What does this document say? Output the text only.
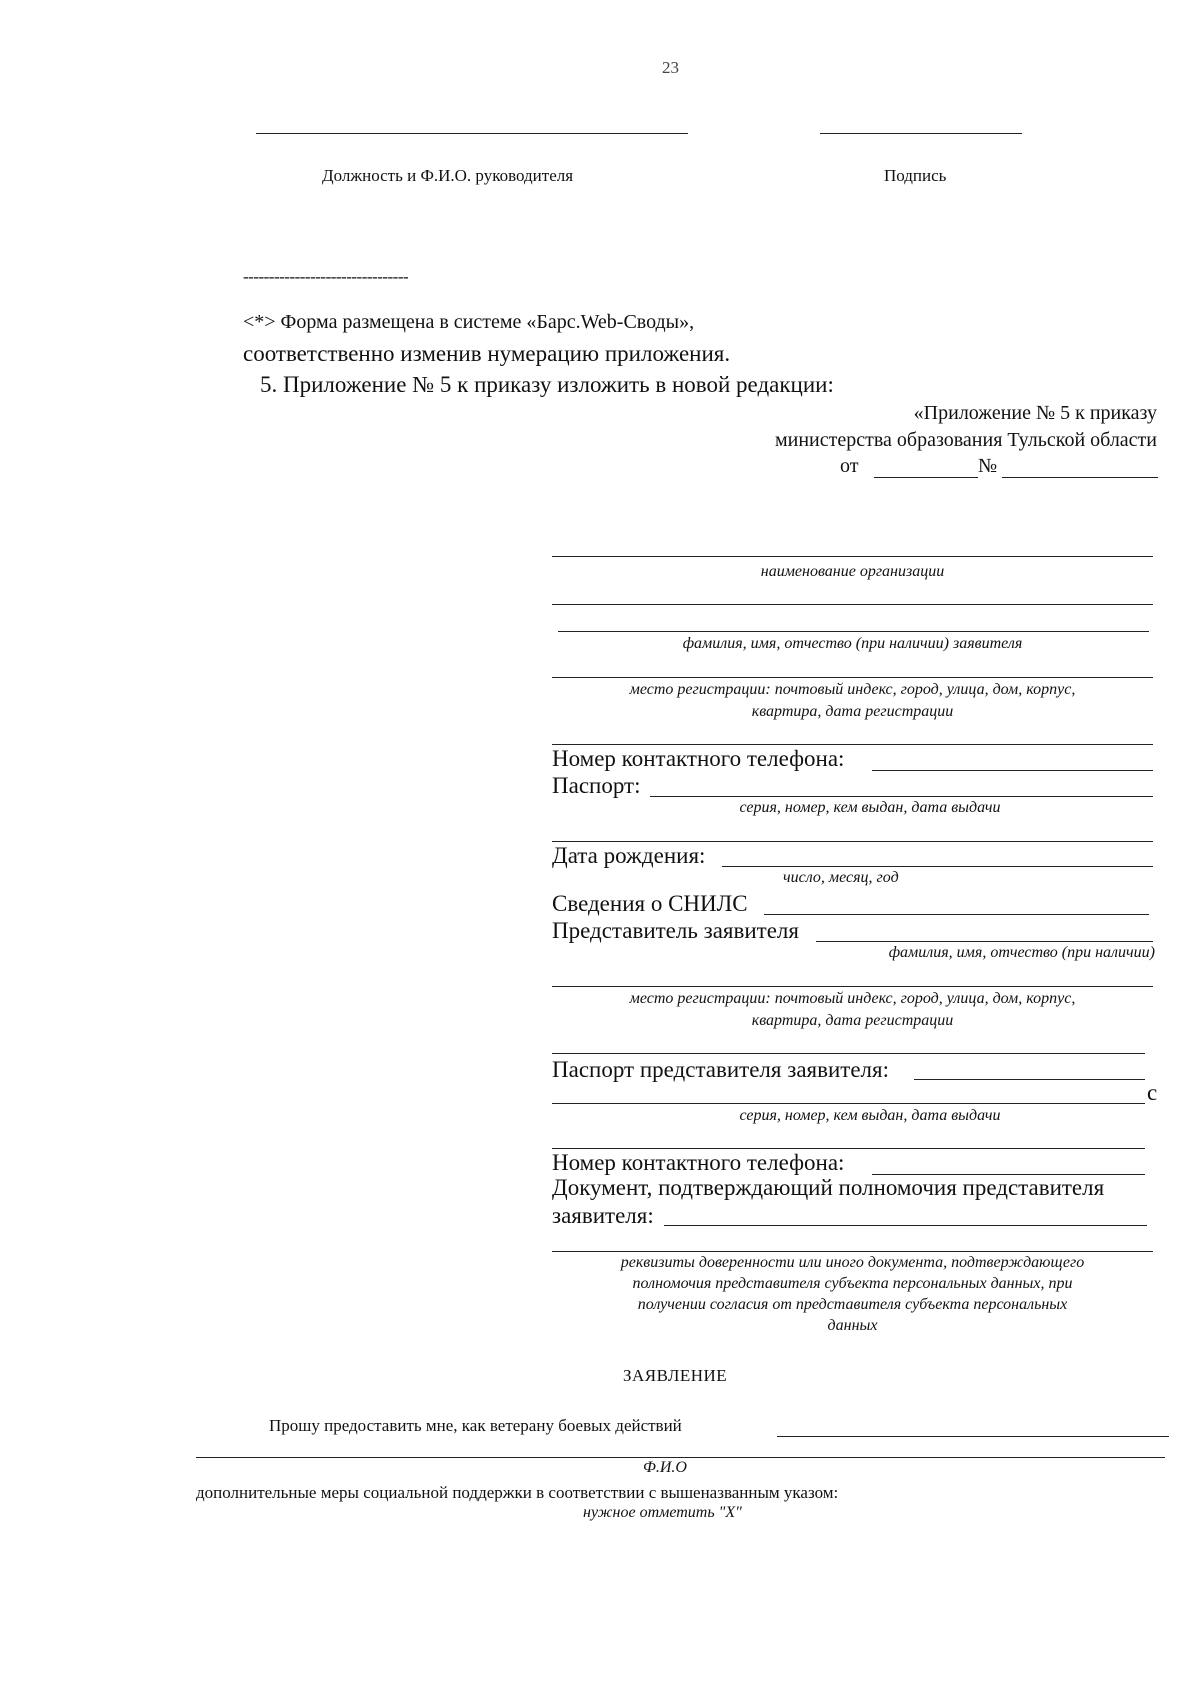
23
Должность и Ф.И.О. руководителя	Подпись
--------------------------------
<*> Форма размещена в системе «Барс.Web-Своды»,
соответственно изменив нумерацию приложения.
5. Приложение № 5 к приказу изложить в новой редакции:
«Приложение № 5 к приказу
министерства образования Тульской области
от	№
наименование организации
фамилия, имя, отчество (при наличии) заявителя
место регистрации: почтовый индекс, город, улица, дом, корпус,
квартира, дата регистрации
Номер контактного телефона:
Паспорт:
серия, номер, кем выдан, дата выдачи
Дата рождения:
число, месяц, год
Сведения о СНИЛС
Представитель заявителя
фамилия, имя, отчество (при наличии)
место регистрации: почтовый индекс, город, улица, дом, корпус,
квартира, дата регистрации
Паспорт представителя заявителя:
с
серия, номер, кем выдан, дата выдачи
Номер контактного телефона:
Документ, подтверждающий полномочия представителя
заявителя:
реквизиты доверенности или иного документа, подтверждающего
полномочия представителя субъекта персональных данных, при
получении согласия от представителя субъекта персональных
данных
ЗАЯВЛЕНИЕ
Прошу предоставить мне, как ветерану боевых действий
Ф.И.О
дополнительные меры социальной поддержки в соответствии с вышеназванным указом:
нужное отметить "X"
